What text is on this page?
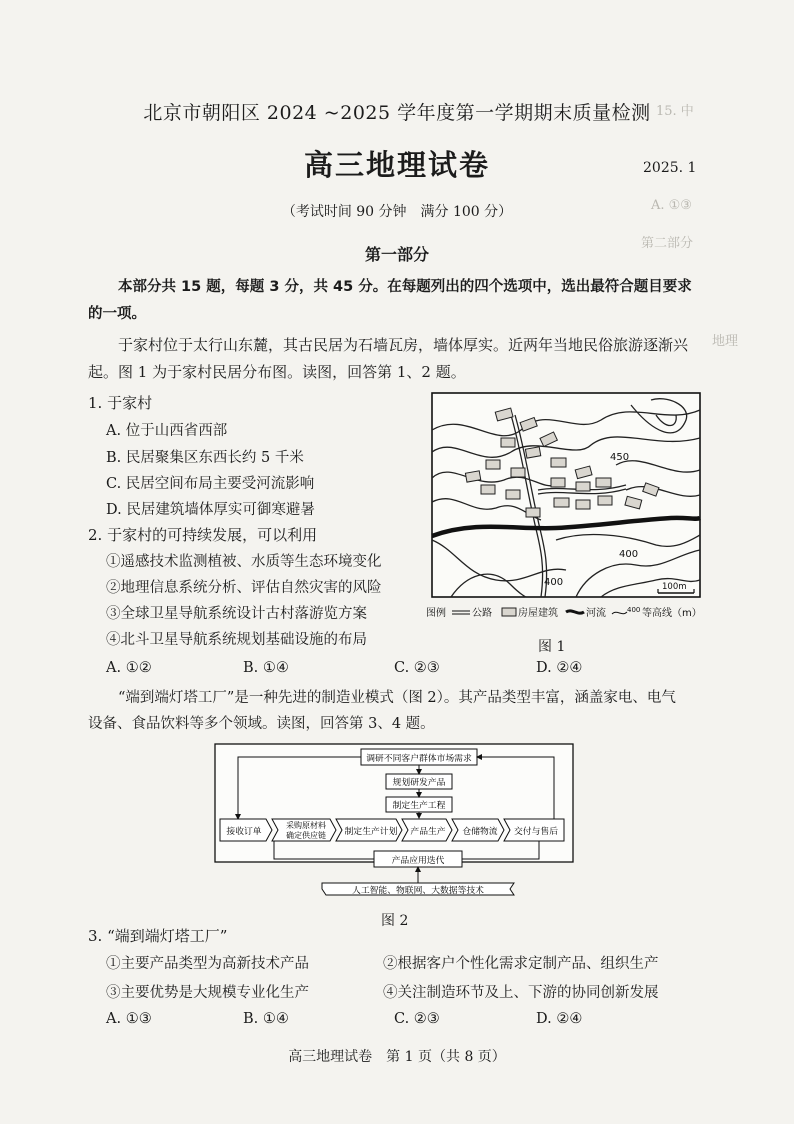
15. 中
A. ①③
地理
第二部分
北京市朝阳区 2024 ~2025 学年度第一学期期末质量检测
高三地理试卷	2025. 1
（考试时间 90 分钟　满分 100 分）
第一部分
本部分共 15 题，每题 3 分，共 45 分。在每题列出的四个选项中，选出最符合题目要求的一项。
于家村位于太行山东麓，其古民居为石墙瓦房，墙体厚实。近两年当地民俗旅游逐渐兴起。图 1 为于家村民居分布图。读图，回答第 1、2 题。
1. 于家村
A. 位于山西省西部
B. 民居聚集区东西长约 5 千米
C. 民居空间布局主要受河流影响
D. 民居建筑墙体厚实可御寒避暑
2. 于家村的可持续发展，可以利用
①遥感技术监测植被、水质等生态环境变化
②地理信息系统分析、评估自然灾害的风险
③全球卫星导航系统设计古村落游览方案
④北斗卫星导航系统规划基础设施的布局
A. ①②	B. ①④	C. ②③	D. ②④
450
400
400	100m
图例	公路	房屋建筑	河流	400 等高线（m）
图 1
“端到端灯塔工厂”是一种先进的制造业模式（图 2）。其产品类型丰富，涵盖家电、电气
设备、食品饮料等多个领域。读图，回答第 3、4 题。
调研不同客户群体市场需求
规划研发产品
制定生产工程
接收订单
采购原材料
确定供应链 制定生产计划 产品生产 仓储物流 交付与售后
产品应用迭代
人工智能、物联网、大数据等技术
图 2
3. “端到端灯塔工厂”
①主要产品类型为高新技术产品	②根据客户个性化需求定制产品、组织生产
③主要优势是大规模专业化生产	④关注制造环节及上、下游的协同创新发展
A. ①③	B. ①④	C. ②③	D. ②④
高三地理试卷　第 1 页（共 8 页）
